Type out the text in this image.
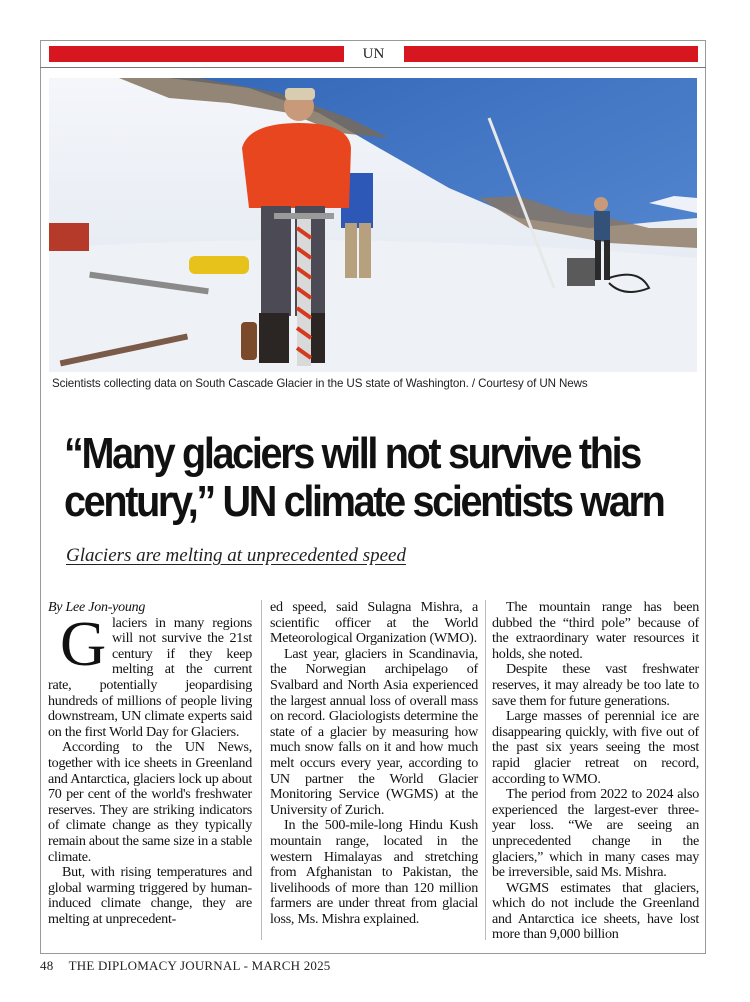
UN
Scientists collecting data on South Cascade Glacier in the US state of Washington. / Courtesy of UN News
“Many glaciers will not survive this
century,” UN climate scientists warn
Glaciers are melting at unprecedented speed

By Lee Jon-young

Glaciers in many regions will not survive the 21st century if they keep melting at the current rate, potentially jeopardising hundreds of millions of people living downstream, UN climate experts said on the first World Day for Glaciers.

According to the UN News, together with ice sheets in Greenland and Antarctica, glaciers lock up about 70 per cent of the world's freshwater reserves. They are striking indicators of climate change as they typically remain about the same size in a stable climate.

But, with rising temperatures and global warming triggered by human-induced climate change, they are melting at unprecedent-

ed speed, said Sulagna Mishra, a scientific officer at the World Meteorological Organization (WMO).

Last year, glaciers in Scandinavia, the Norwegian archipelago of Svalbard and North Asia experienced the largest annual loss of overall mass on record. Glaciologists determine the state of a glacier by measuring how much snow falls on it and how much melt occurs every year, according to UN partner the World Glacier Monitoring Service (WGMS) at the University of Zurich.

In the 500-mile-long Hindu Kush mountain range, located in the western Himalayas and stretching from Afghanistan to Pakistan, the livelihoods of more than 120 million farmers are under threat from glacial loss, Ms. Mishra explained.

The mountain range has been dubbed the “third pole” because of the extraordinary water resources it holds, she noted.

Despite these vast freshwater reserves, it may already be too late to save them for future generations.

Large masses of perennial ice are disappearing quickly, with five out of the past six years seeing the most rapid glacier retreat on record, according to WMO.

The period from 2022 to 2024 also experienced the largest-ever three-year loss. “We are seeing an unprecedented change in the glaciers,” which in many cases may be irreversible, said Ms. Mishra.

WGMS estimates that glaciers, which do not include the Greenland and Antarctica ice sheets, have lost more than 9,000 billion

48 THE DIPLOMACY JOURNAL - MARCH 2025
